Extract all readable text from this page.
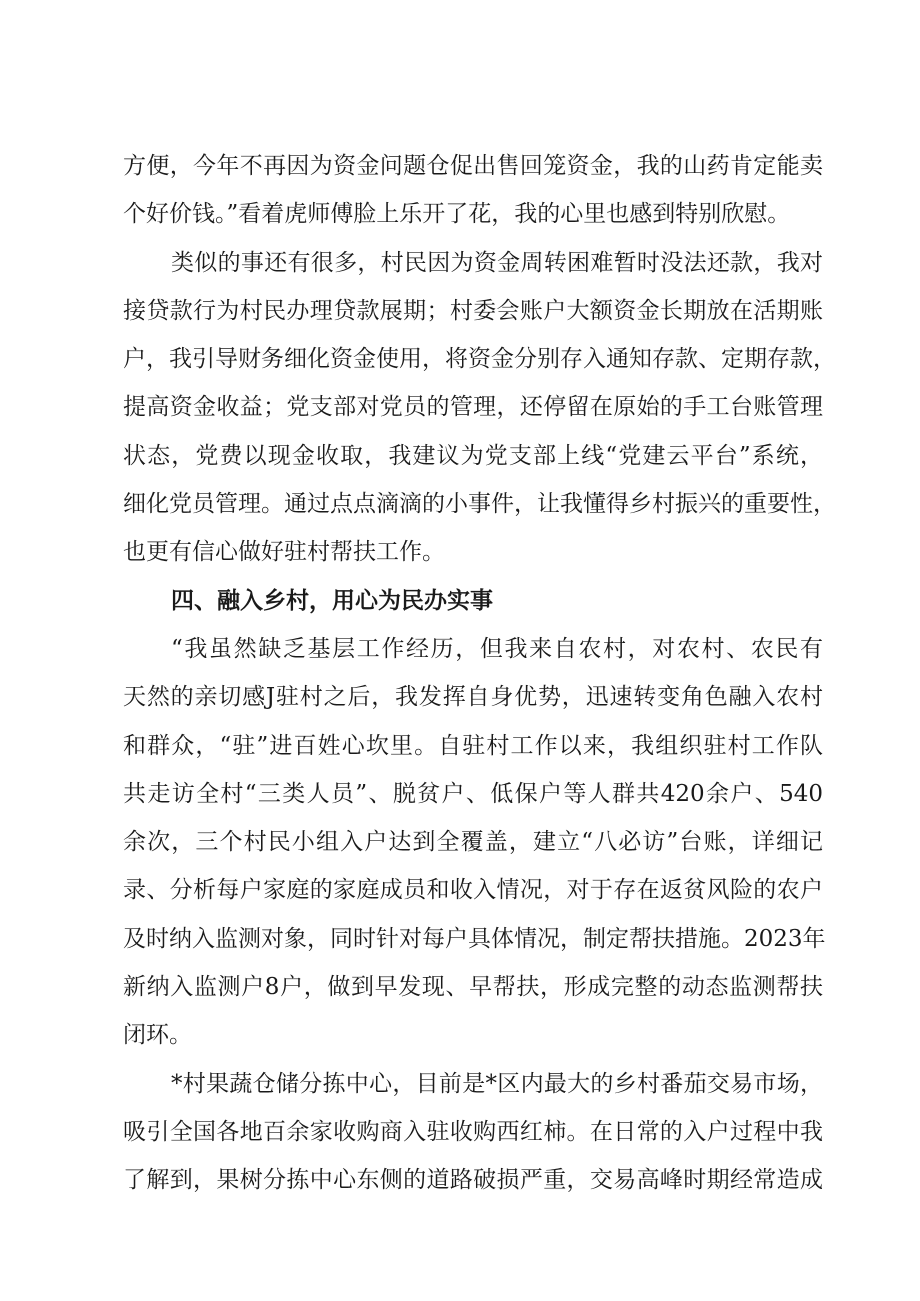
方便，今年不再因为资金问题仓促出售回笼资金，我的山药肯定能卖
个好价钱。”看着虎师傅脸上乐开了花，我的心里也感到特别欣慰。
类似的事还有很多，村民因为资金周转困难暂时没法还款，我对
接贷款行为村民办理贷款展期；村委会账户大额资金长期放在活期账
户，我引导财务细化资金使用，将资金分别存入通知存款、定期存款，
提高资金收益；党支部对党员的管理，还停留在原始的手工台账管理
状态，党费以现金收取，我建议为党支部上线“党建云平台”系统，
细化党员管理。通过点点滴滴的小事件，让我懂得乡村振兴的重要性，
也更有信心做好驻村帮扶工作。
四、融入乡村，用心为民办实事
“我虽然缺乏基层工作经历，但我来自农村，对农村、农民有
天然的亲切感J驻村之后，我发挥自身优势，迅速转变角色融入农村
和群众，“驻”进百姓心坎里。自驻村工作以来，我组织驻村工作队
共走访全村“三类人员”、脱贫户、低保户等人群共420余户、540
余次，三个村民小组入户达到全覆盖，建立“八必访”台账，详细记
录、分析每户家庭的家庭成员和收入情况，对于存在返贫风险的农户
及时纳入监测对象，同时针对每户具体情况，制定帮扶措施。2023年
新纳入监测户8户，做到早发现、早帮扶，形成完整的动态监测帮扶
闭环。
*村果蔬仓储分拣中心，目前是*区内最大的乡村番茄交易市场，
吸引全国各地百余家收购商入驻收购西红柿。在日常的入户过程中我
了解到，果树分拣中心东侧的道路破损严重，交易高峰时期经常造成
